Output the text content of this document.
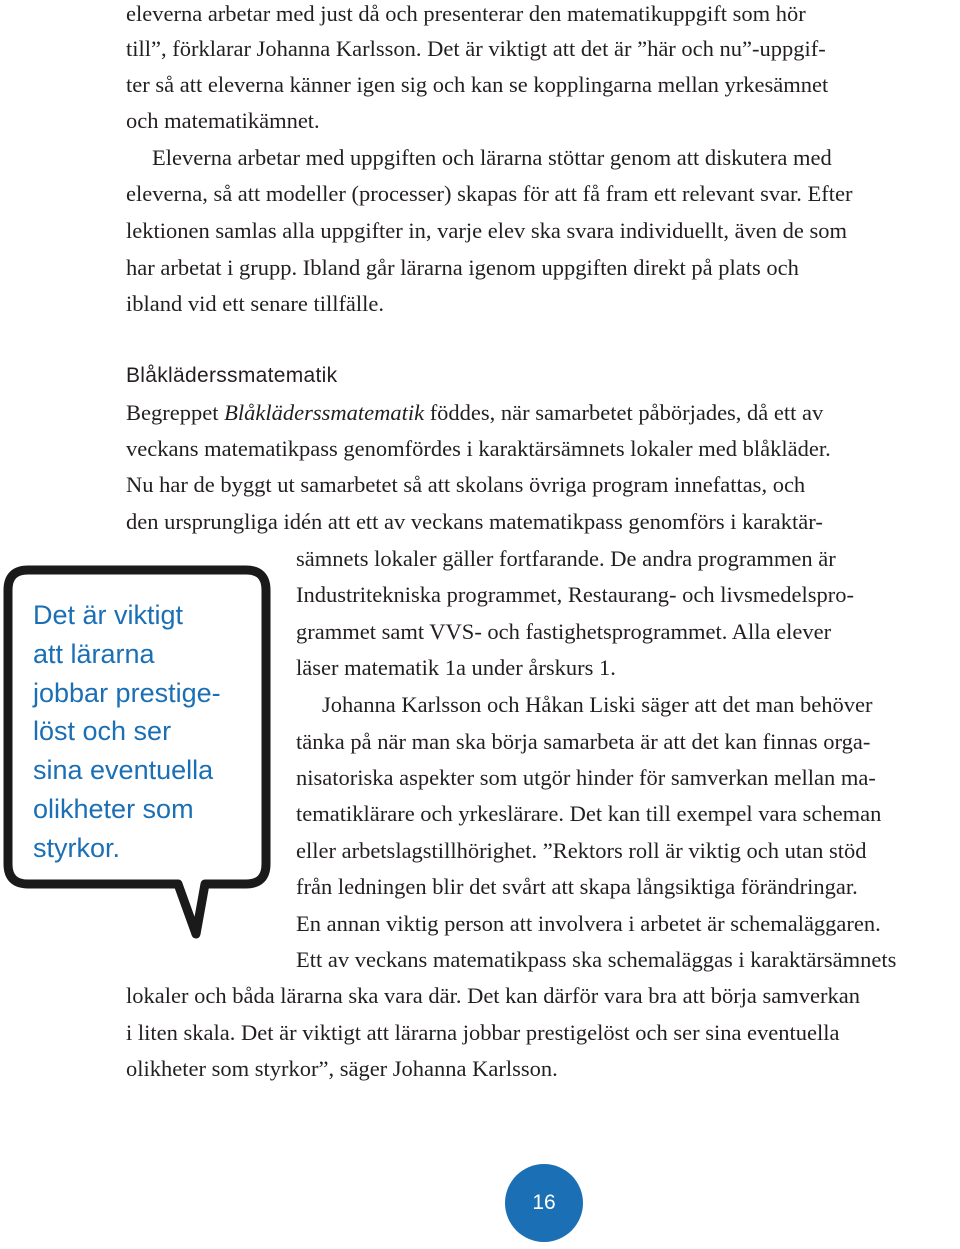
eleverna arbetar med just då och presenterar den matematikuppgift som hör

till”, förklarar Johanna Karlsson. Det är viktigt att det är ”här och nu”-uppgif-

ter så att eleverna känner igen sig och kan se kopplingarna mellan yrkesämnet

och matematikämnet.

Eleverna arbetar med uppgiften och lärarna stöttar genom att diskutera med

eleverna, så att modeller (processer) skapas för att få fram ett relevant svar. Efter

lektionen samlas alla uppgifter in, varje elev ska svara individuellt, även de som

har arbetat i grupp. Ibland går lärarna igenom uppgiften direkt på plats och

ibland vid ett senare tillfälle.

Blåkläderssmatematik

Begreppet Blåkläderssmatematik föddes, när samarbetet påbörjades, då ett av

veckans matematikpass genomfördes i karaktärsämnets lokaler med blåkläder.

Nu har de byggt ut samarbetet så att skolans övriga program innefattas, och

den ursprungliga idén att ett av veckans matematikpass genomförs i karaktär-

sämnets lokaler gäller fortfarande. De andra programmen är

Industritekniska programmet, Restaurang- och livsmedelspro-

grammet samt VVS- och fastighetsprogrammet. Alla elever

läser matematik 1a under årskurs 1.

Johanna Karlsson och Håkan Liski säger att det man behöver

tänka på när man ska börja samarbeta är att det kan finnas orga-

nisatoriska aspekter som utgör hinder för samverkan mellan ma-

tematiklärare och yrkeslärare. Det kan till exempel vara scheman

eller arbetslagstillhörighet. ”Rektors roll är viktig och utan stöd

från ledningen blir det svårt att skapa långsiktiga förändringar.

En annan viktig person att involvera i arbetet är schemaläggaren.

Ett av veckans matematikpass ska schemaläggas i karaktärsämnets

lokaler och båda lärarna ska vara där. Det kan därför vara bra att börja samverkan

i liten skala. Det är viktigt att lärarna jobbar prestigelöst och ser sina eventuella

olikheter som styrkor”, säger Johanna Karlsson.

Det är viktigt
att lärarna
jobbar prestige-
löst och ser
sina eventuella
olikheter som
styrkor.
16
